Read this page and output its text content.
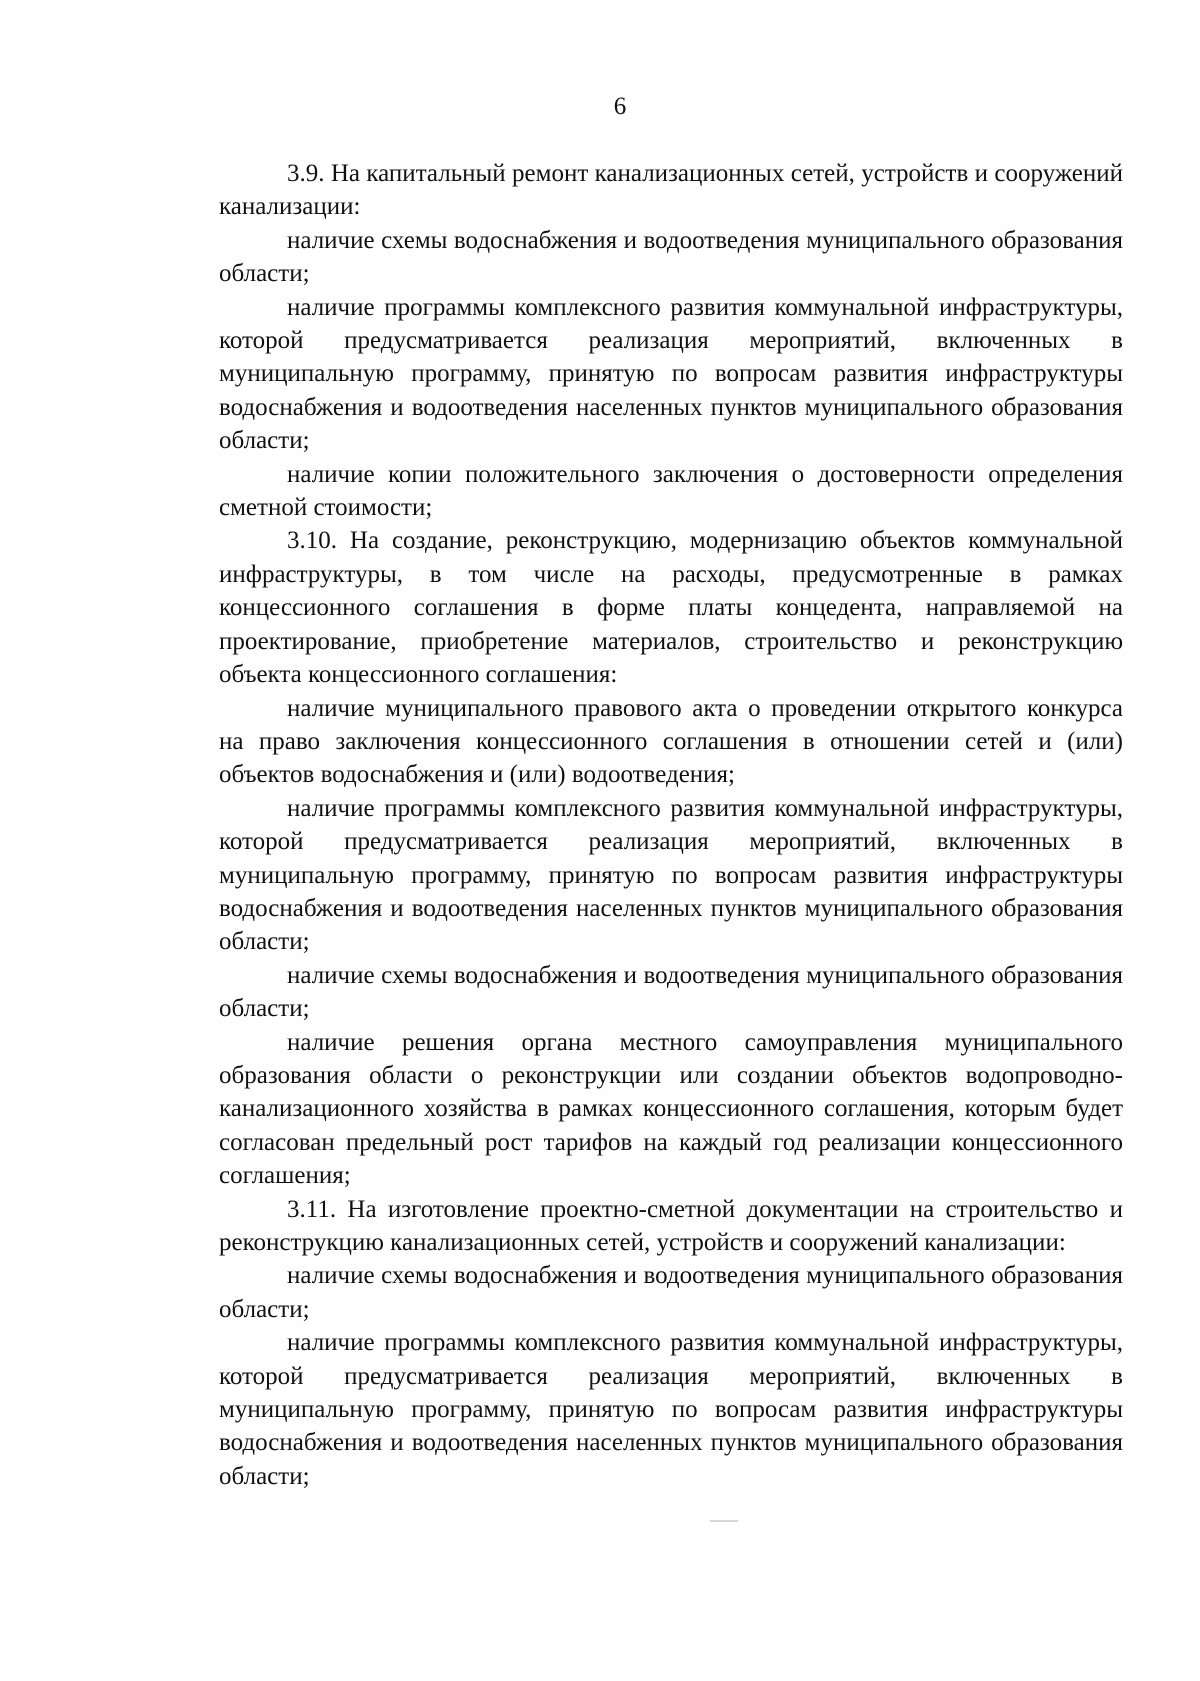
6

3.9. На капитальный ремонт канализационных сетей, устройств и сооружений канализации:

наличие схемы водоснабжения и водоотведения муниципального образования области;

наличие программы комплексного развития коммунальной инфраструктуры, которой предусматривается реализация мероприятий, включенных в муниципальную программу, принятую по вопросам развития инфраструктуры водоснабжения и водоотведения населенных пунктов муниципального образования области;

наличие копии положительного заключения о достоверности определения сметной стоимости;

3.10. На создание, реконструкцию, модернизацию объектов коммунальной инфраструктуры, в том числе на расходы, предусмотренные в рамках концессионного соглашения в форме платы концедента, направляемой на проектирование, приобретение материалов, строительство и реконструкцию объекта концессионного соглашения:

наличие муниципального правового акта о проведении открытого конкурса на право заключения концессионного соглашения в отношении сетей и (или) объектов водоснабжения и (или) водоотведения;

наличие программы комплексного развития коммунальной инфраструктуры, которой предусматривается реализация мероприятий, включенных в муниципальную программу, принятую по вопросам развития инфраструктуры водоснабжения и водоотведения населенных пунктов муниципального образования области;

наличие схемы водоснабжения и водоотведения муниципального образования области;

наличие решения органа местного самоуправления муниципального образования области о реконструкции или создании объектов водопроводно-канализационного хозяйства в рамках концессионного соглашения, которым будет согласован предельный рост тарифов на каждый год реализации концессионного соглашения;

3.11. На изготовление проектно-сметной документации на строительство и реконструкцию канализационных сетей, устройств и сооружений канализации:

наличие схемы водоснабжения и водоотведения муниципального образования области;

наличие программы комплексного развития коммунальной инфраструктуры, которой предусматривается реализация мероприятий, включенных в муниципальную программу, принятую по вопросам развития инфраструктуры водоснабжения и водоотведения населенных пунктов муниципального образования области;
